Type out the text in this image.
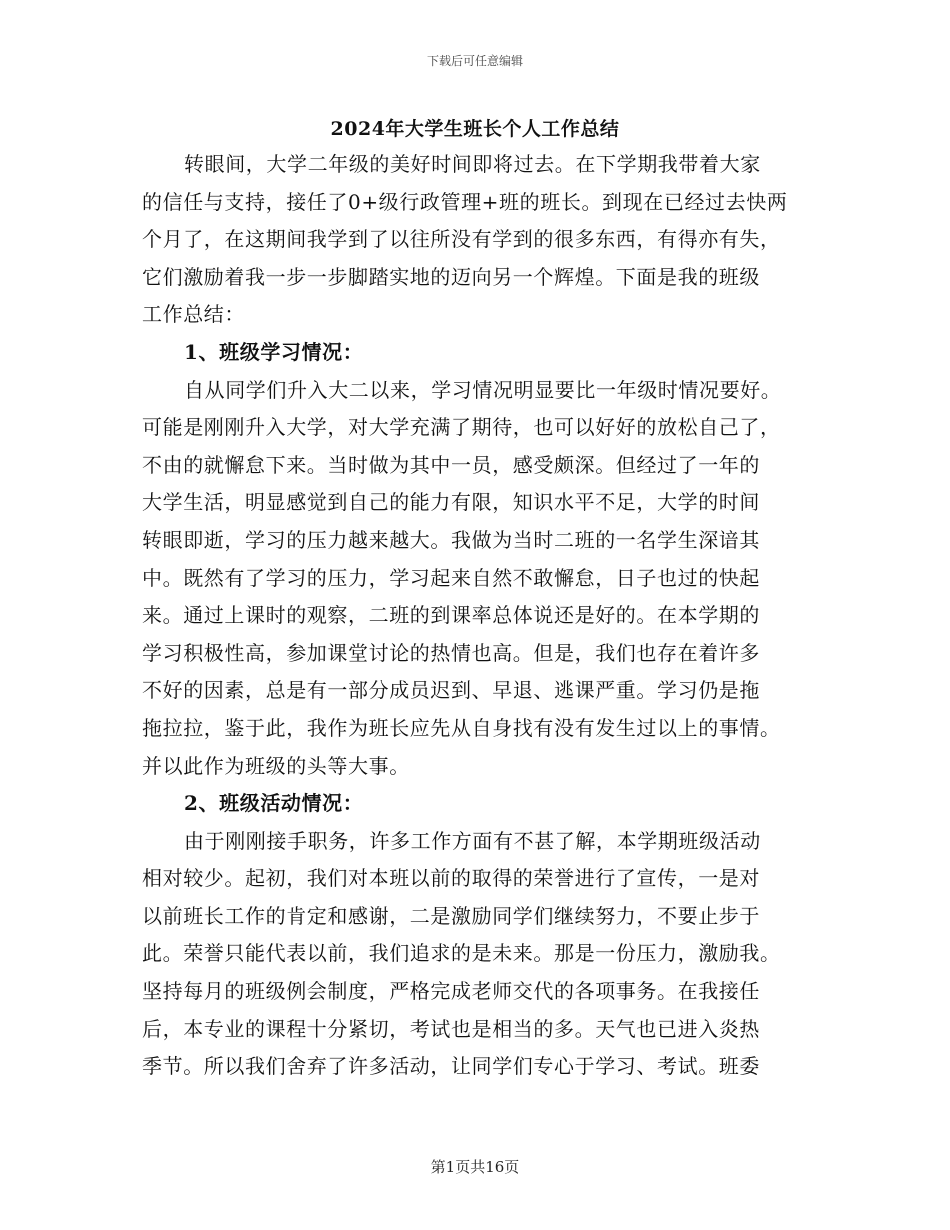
下载后可任意编辑
2024年大学生班长个人工作总结
转眼间，大学二年级的美好时间即将过去。在下学期我带着大家
的信任与支持，接任了0+级行政管理+班的班长。到现在已经过去快两
个月了，在这期间我学到了以往所没有学到的很多东西，有得亦有失，
它们激励着我一步一步脚踏实地的迈向另一个辉煌。下面是我的班级
工作总结：
1、班级学习情况：
自从同学们升入大二以来，学习情况明显要比一年级时情况要好。
可能是刚刚升入大学，对大学充满了期待，也可以好好的放松自己了，
不由的就懈怠下来。当时做为其中一员，感受颇深。但经过了一年的
大学生活，明显感觉到自己的能力有限，知识水平不足，大学的时间
转眼即逝，学习的压力越来越大。我做为当时二班的一名学生深谙其
中。既然有了学习的压力，学习起来自然不敢懈怠，日子也过的快起
来。通过上课时的观察，二班的到课率总体说还是好的。在本学期的
学习积极性高，参加课堂讨论的热情也高。但是，我们也存在着许多
不好的因素，总是有一部分成员迟到、早退、逃课严重。学习仍是拖
拖拉拉，鉴于此，我作为班长应先从自身找有没有发生过以上的事情。
并以此作为班级的头等大事。
2、班级活动情况：
由于刚刚接手职务，许多工作方面有不甚了解，本学期班级活动
相对较少。起初，我们对本班以前的取得的荣誉进行了宣传，一是对
以前班长工作的肯定和感谢，二是激励同学们继续努力，不要止步于
此。荣誉只能代表以前，我们追求的是未来。那是一份压力，激励我。
坚持每月的班级例会制度，严格完成老师交代的各项事务。在我接任
后，本专业的课程十分紧切，考试也是相当的多。天气也已进入炎热
季节。所以我们舍弃了许多活动，让同学们专心于学习、考试。班委
第1页共16页
